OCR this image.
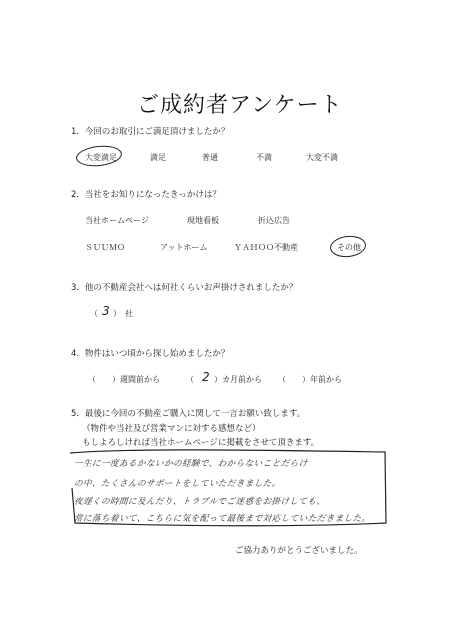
ご成約者アンケート
1．今回のお取引にご満足頂けましたか？
大変満足	満足	普通	不満	大変不満
2．当社をお知りになったきっかけは？
当社ホームページ	現地看板	折込広告
ＳＵＵＭＯ	アットホーム	ＹＡＨＯＯ不動産	その他
3．他の不動産会社へは何社くらいお声掛けされましたか？
（ 3 ） 社
4．物件はいつ頃から探し始めましたか？
（　　）週間前から	（ 2 ）カ月前から （　　）年前から
5．最後に今回の不動産ご購入に関して一言お願い致します。
（物件や当社及び営業マンに対する感想など）
もしよろしければ当社ホームページに掲載をさせて頂きます。
一生に一度あるかないかの経験で、わからないことだらけ
の中、たくさんのサポートをしていただきました。
夜遅くの時間に及んだり、トラブルでご迷惑をお掛けしても、
常に落ち着いて、こちらに気を配って最後まで対応していただきました。
ご協力ありがとうございました。
